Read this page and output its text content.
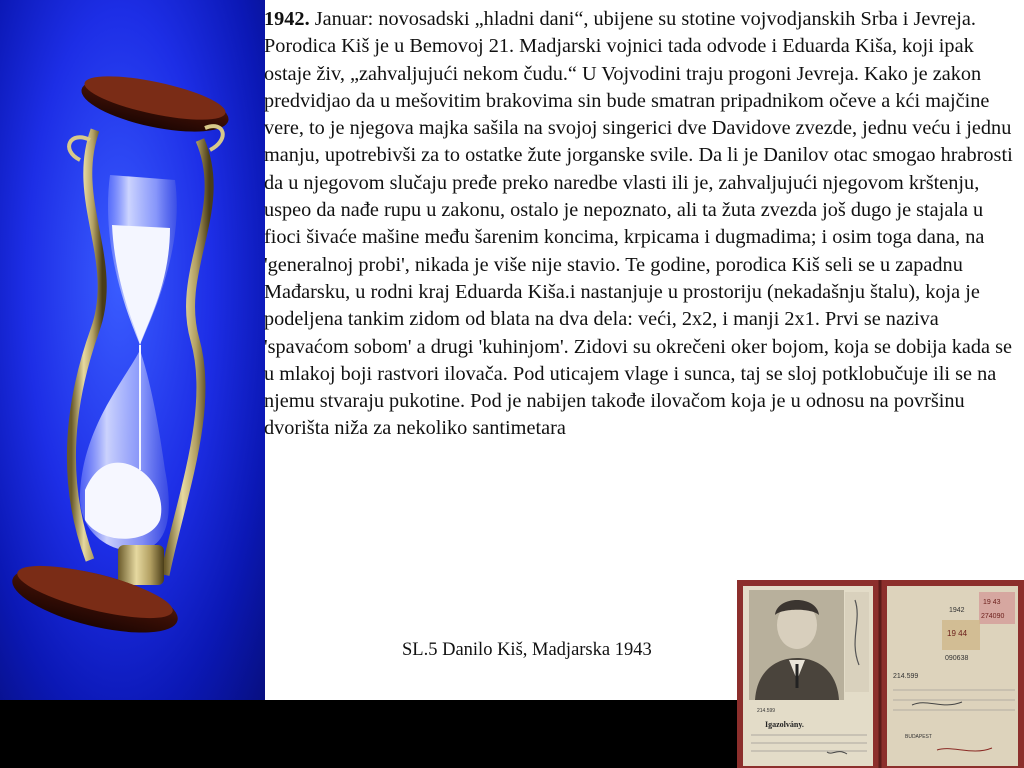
1942. Januar: novosadski „hladni dani“, ubijene su stotine vojvodjanskih Srba i Jevreja. Porodica Kiš je u Bemovoj 21. Madjarski vojnici tada odvode i Eduarda Kiša, koji ipak ostaje živ, „zahvaljujući nekom čudu.“ U Vojvodini traju progoni Jevreja. Kako je zakon predvidjao da u mešovitim brakovima sin bude smatran pripadnikom očeve a kći majčine vere, to je njegova majka sašila na svojoj singerici dve Davidove zvezde, jednu veću i jednu manju, upotrebivši za to ostatke žute jorganske svile. Da li je Danilov otac smogao hrabrosti da u njegovom slučaju pređe preko naredbe vlasti ili je, zahvaljujući njegovom krštenju, uspeo da nađe rupu u zakonu, ostalo je nepoznato, ali ta žuta zvezda još dugo je stajala u fioci šivaće mašine među šarenim koncima, krpicama i dugmadima; i osim toga dana, na 'generalnoj probi', nikada je više nije stavio. Te godine, porodica Kiš seli se u zapadnu Mađarsku, u rodni kraj Eduarda Kiša.i nastanjuje u prostoriju (nekadašnju štalu), koja je podeljena tankim zidom od blata na dva dela: veći, 2x2, i manji 2x1. Prvi se naziva 'spavaćom sobom' a drugi 'kuhinjom'. Zidovi su okrečeni oker bojom, koja se dobija kada se u mlakoj boji rastvori ilovača. Pod uticajem vlage i sunca, taj se sloj potklobučuje ili se na njemu stvaraju pukotine. Pod je nabijen takođe ilovačom koja je u odnosu na površinu dvorišta niža za nekoliko santimetara

SL.5 Danilo Kiš, Madjarska 1943
214.599
Igazolvány.
1942
19 43
274090
19 44
090638
214.599
BUDAPEST
